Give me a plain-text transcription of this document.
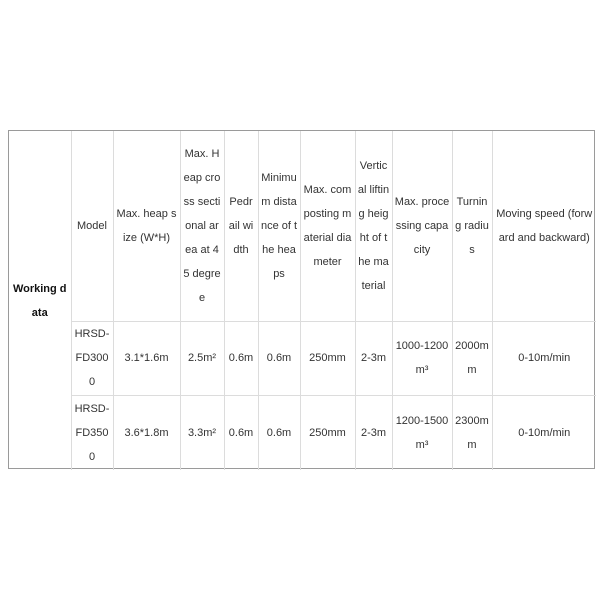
Working data	Model	Max. heap size (W*H)	Max. Heap cross sectional area at 45 degree	Pedrail width	Minimum distance of the heaps	Max. composting material diameter	Vertical lifting height of the material	Max. processing capacity	Turning radius	Moving speed (forward and backward)
	HRSD-FD3000	3.1*1.6m	2.5m²	0.6m	0.6m	250mm	2-3m	1000-1200m³	2000mm	0-10m/min
	HRSD-FD3500	3.6*1.8m	3.3m²	0.6m	0.6m	250mm	2-3m	1200-1500m³	2300mm	0-10m/min
